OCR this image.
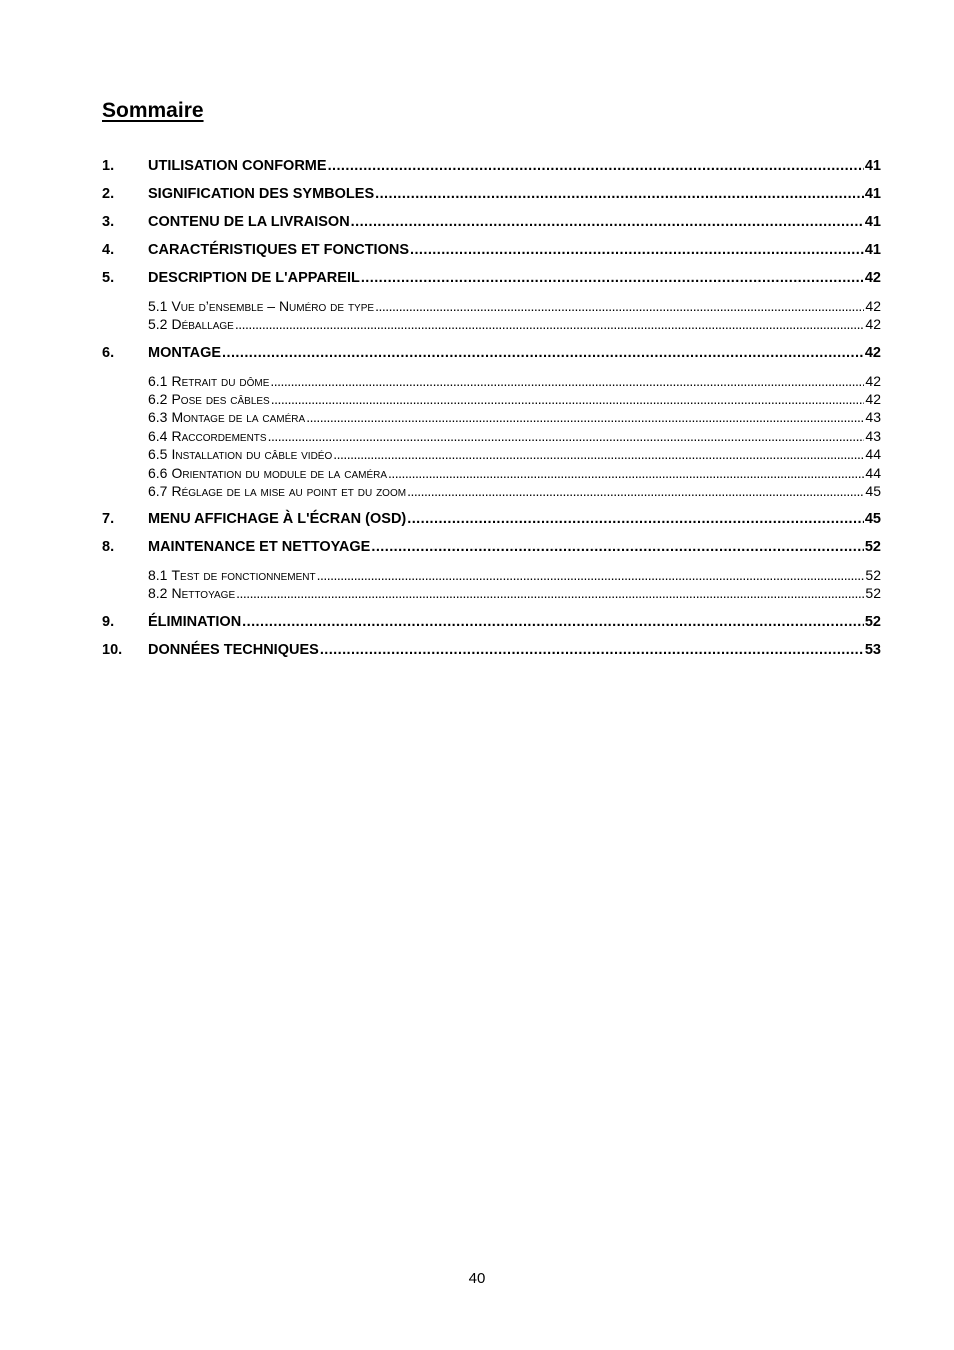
Sommaire
1.	UTILISATION CONFORME . . .	41
2.	SIGNIFICATION DES SYMBOLES . . .	41
3.	CONTENU DE LA LIVRAISON . . .	41
4.	CARACTÉRISTIQUES ET FONCTIONS . . .	41
5.	DESCRIPTION DE L'APPAREIL . . .	42
5.1 Vue d’ensemble – Numéro de type . . .	42
5.2 Déballage . . .	42
6.	MONTAGE . . .	42
6.1 Retrait du dôme . . .	42
6.2 Pose des câbles . . .	42
6.3 Montage de la caméra . . .	43
6.4 Raccordements . . .	43
6.5 Installation du câble vidéo . . .	44
6.6 Orientation du module de la caméra . . .	44
6.7 Réglage de la mise au point et du zoom . . .	45
7.	MENU AFFICHAGE À L'ÉCRAN (OSD) . . .	45
8.	MAINTENANCE ET NETTOYAGE . . .	52
8.1 Test de fonctionnement . . .	52
8.2 Nettoyage . . .	52
9.	ÉLIMINATION . . .	52
10.	DONNÉES TECHNIQUES . . .	53
40
